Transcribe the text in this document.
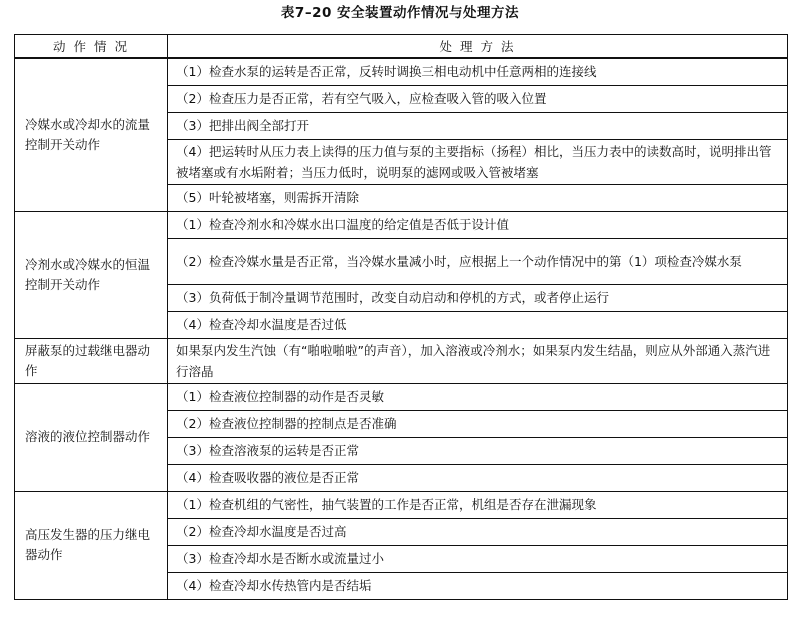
表7–20 安全装置动作情况与处理方法
动 作 情 况	处 理 方 法
冷媒水或冷却水的流量控制开关动作	（1）检查水泵的运转是否正常，反转时调换三相电动机中任意两相的连接线
	（2）检查压力是否正常，若有空气吸入，应检查吸入管的吸入位置
	（3）把排出阀全部打开
	（4）把运转时从压力表上读得的压力值与泵的主要指标（扬程）相比，当压力表中的读数高时，说明排出管被堵塞或有水垢附着；当压力低时，说明泵的滤网或吸入管被堵塞
	（5）叶轮被堵塞，则需拆开清除
冷剂水或冷媒水的恒温控制开关动作	（1）检查冷剂水和冷媒水出口温度的给定值是否低于设计值
	（2）检查冷媒水量是否正常，当冷媒水量减小时，应根据上一个动作情况中的第（1）项检查冷媒水泵
	（3）负荷低于制冷量调节范围时，改变自动启动和停机的方式，或者停止运行
	（4）检查冷却水温度是否过低
屏蔽泵的过载继电器动作	如果泵内发生汽蚀（有“啪啦啪啦”的声音），加入溶液或冷剂水；如果泵内发生结晶，则应从外部通入蒸汽进行溶晶
溶液的液位控制器动作	（1）检查液位控制器的动作是否灵敏
	（2）检查液位控制器的控制点是否准确
	（3）检查溶液泵的运转是否正常
	（4）检查吸收器的液位是否正常
高压发生器的压力继电器动作	（1）检查机组的气密性，抽气装置的工作是否正常，机组是否存在泄漏现象
	（2）检查冷却水温度是否过高
	（3）检查冷却水是否断水或流量过小
	（4）检查冷却水传热管内是否结垢
